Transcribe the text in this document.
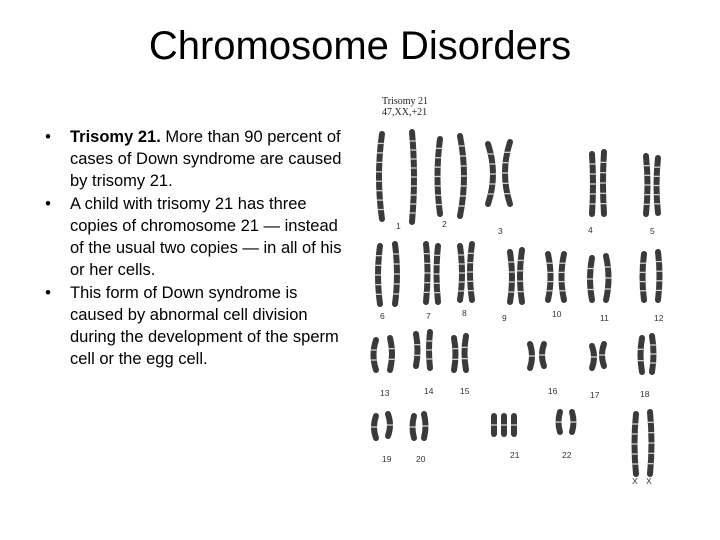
Chromosome Disorders
•	Trisomy 21. More than 90 percent of cases of Down syndrome are caused by trisomy 21.
•	A child with trisomy 21 has three copies of chromosome 21 — instead of the usual two copies — in all of his or her cells.
•	This form of Down syndrome is caused by abnormal cell division during the development of the sperm cell or the egg cell.
Trisomy 21
47,XX,+21
1	2
3	4	5
6	7	8	9	10	11	12
13	14	15	16	17	18
19	20	21	22
X X
